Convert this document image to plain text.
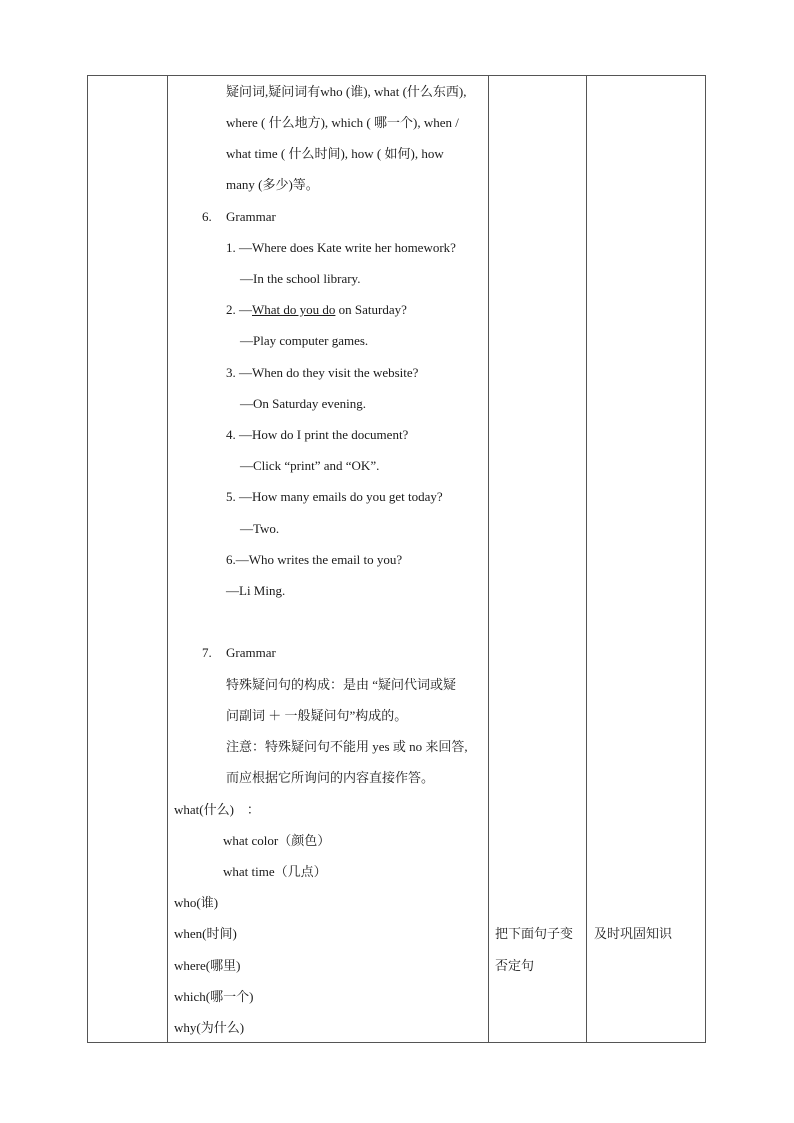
疑问词,疑问词有who (谁), what (什么东西),
where ( 什么地方), which ( 哪一个), when /
what time ( 什么时间), how ( 如何), how
many (多少)等。
6. Grammar
1. —Where does Kate write her homework?
—In the school library.
2. —What do you do on Saturday?
—Play computer games.
3. —When do they visit the website?
—On Saturday evening.
4. —How do I print the document?
—Click “print” and “OK”.
5. —How many emails do you get today?
—Two.
6.—Who writes the email to you?
—Li Ming.
7. Grammar
特殊疑问句的构成：是由 “疑问代词或疑
问副词 ＋ 一般疑问句”构成的。
注意：特殊疑问句不能用 yes 或 no 来回答,
而应根据它所询问的内容直接作答。
what(什么)　：
what color（颜色）
what time（几点）
who(谁)
when(时间)
where(哪里)
which(哪一个)
why(为什么)
把下面句子变
否定句
及时巩固知识
